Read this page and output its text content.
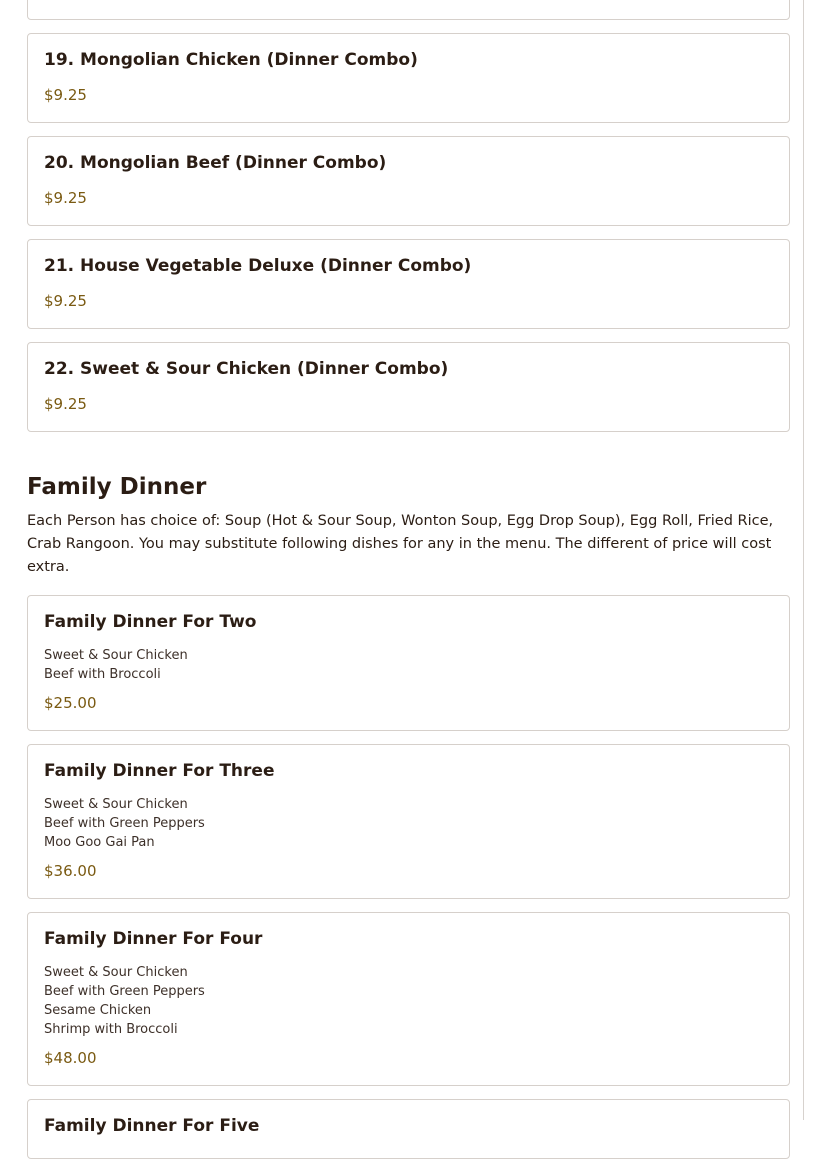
19. Mongolian Chicken (Dinner Combo)
$9.25
20. Mongolian Beef (Dinner Combo)
$9.25
21. House Vegetable Deluxe (Dinner Combo)
$9.25
22. Sweet & Sour Chicken (Dinner Combo)
$9.25
Family Dinner
Each Person has choice of: Soup (Hot & Sour Soup, Wonton Soup, Egg Drop Soup), Egg Roll, Fried Rice, Crab Rangoon. You may substitute following dishes for any in the menu. The different of price will cost extra.
Family Dinner For Two
Sweet & Sour Chicken
Beef with Broccoli
$25.00
Family Dinner For Three
Sweet & Sour Chicken
Beef with Green Peppers
Moo Goo Gai Pan
$36.00
Family Dinner For Four
Sweet & Sour Chicken
Beef with Green Peppers
Sesame Chicken
Shrimp with Broccoli
$48.00
Family Dinner For Five
